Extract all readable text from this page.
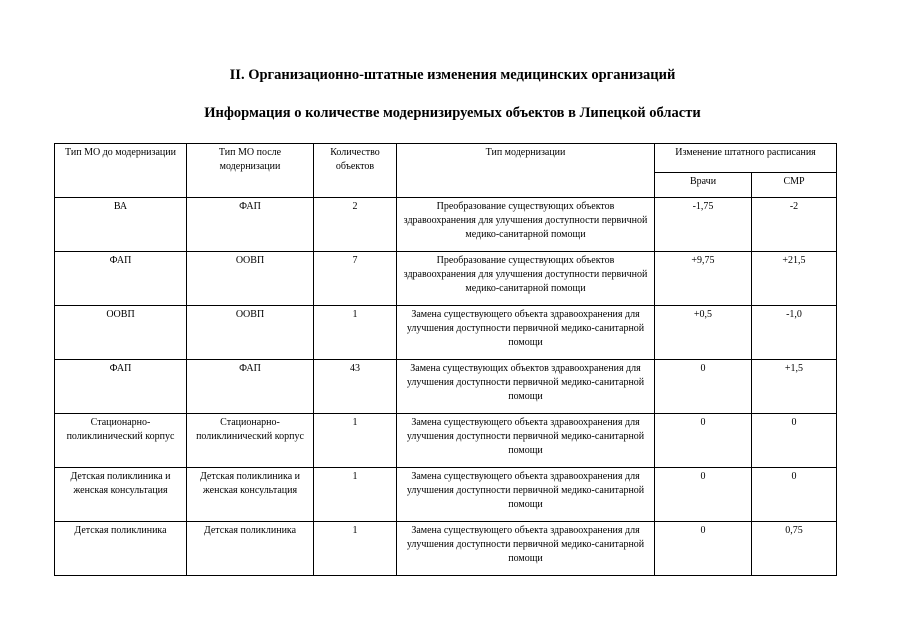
II. Организационно-штатные изменения медицинских организаций
Информация о количестве модернизируемых объектов в Липецкой области
Тип МО до модернизации	Тип МО после модернизации	Количество объектов	Тип модернизации	Изменение штатного расписания	
				Врачи	СМР
ВА	ФАП	2	Преобразование существующих объектов здравоохранения для улучшения доступности первичной медико-санитарной помощи	-1,75	-2
ФАП	ООВП	7	Преобразование существующих объектов здравоохранения для улучшения доступности первичной медико-санитарной помощи	+9,75	+21,5
ООВП	ООВП	1	Замена существующего объекта здравоохранения для улучшения доступности первичной медико-санитарной помощи	+0,5	-1,0
ФАП	ФАП	43	Замена существующих объектов здравоохранения для улучшения доступности первичной медико-санитарной помощи	0	+1,5
Стационарно-поликлинический корпус	Стационарно-поликлинический корпус	1	Замена существующего объекта здравоохранения для улучшения доступности первичной медико-санитарной помощи	0	0
Детская поликлиника и женская консультация	Детская поликлиника и женская консультация	1	Замена существующего объекта здравоохранения для улучшения доступности первичной медико-санитарной помощи	0	0
Детская поликлиника	Детская поликлиника	1	Замена существующего объекта здравоохранения для улучшения доступности первичной медико-санитарной помощи	0	0,75
